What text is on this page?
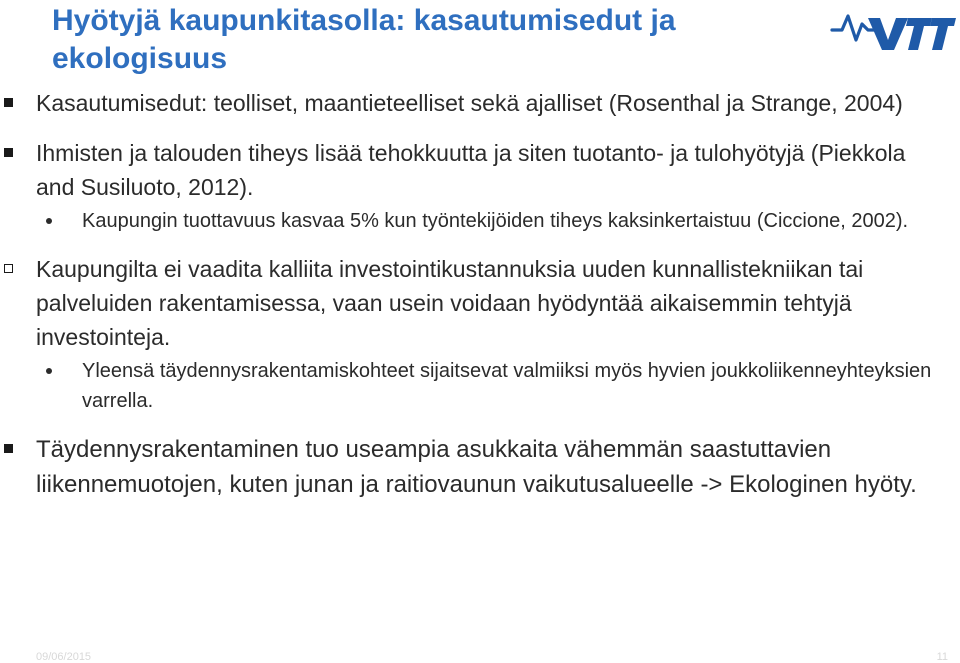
Hyötyjä kaupunkitasolla: kasautumisedut ja ekologisuus
Kasautumisedut: teolliset, maantieteelliset sekä ajalliset (Rosenthal ja Strange, 2004)
Ihmisten ja talouden tiheys lisää tehokkuutta ja siten tuotanto- ja tulohyötyjä (Piekkola and Susiluoto, 2012).
Kaupungin tuottavuus kasvaa 5% kun työntekijöiden tiheys kaksinkertaistuu (Ciccione, 2002).
Kaupungilta ei vaadita kalliita investointikustannuksia uuden kunnallistekniikan tai palveluiden rakentamisessa, vaan usein voidaan hyödyntää aikaisemmin tehtyjä investointeja.
Yleensä täydennysrakentamiskohteet sijaitsevat valmiiksi myös hyvien joukkoliikenneyhteyksien varrella.
Täydennysrakentaminen tuo useampia asukkaita vähemmän saastuttavien liikennemuotojen, kuten junan ja raitiovaunun vaikutusalueelle -> Ekologinen hyöty.
09/06/2015	11
